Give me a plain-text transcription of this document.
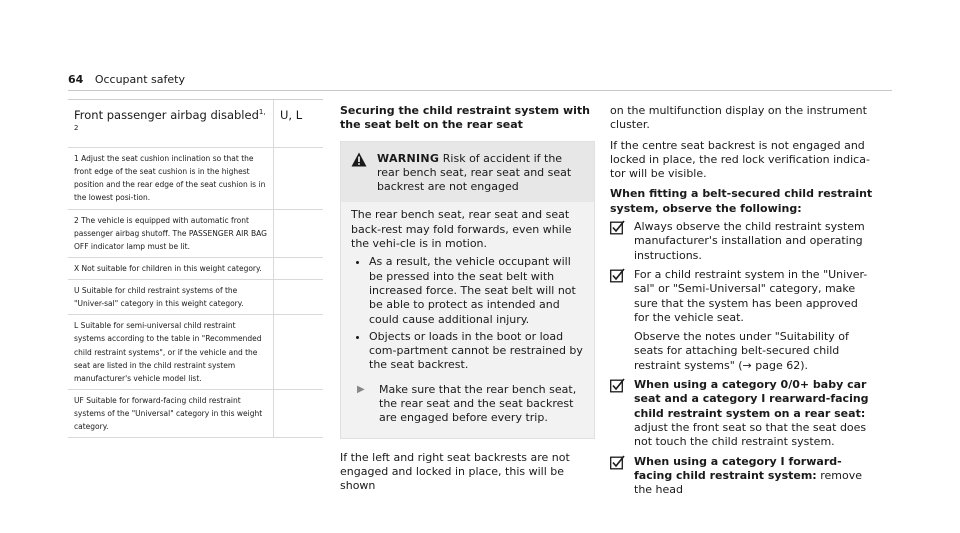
64 Occupant safety
Front passenger airbag disabled$^{1, 2}$
U, L
1 Adjust the seat cushion inclination so that the front edge of the seat cushion is in the highest position and the rear edge of the seat cushion is in the lowest posi-tion.
2 The vehicle is equipped with automatic front passenger airbag shutoff. The PASSENGER AIR BAG OFF indicator lamp must be lit.
X Not suitable for children in this weight category.
U Suitable for child restraint systems of the "Univer-sal" category in this weight category.
L Suitable for semi-universal child restraint systems according to the table in "Recommended child restraint systems", or if the vehicle and the seat are listed in the child restraint system manufacturer's vehicle model list.
UF Suitable for forward-facing child restraint systems of the "Universal" category in this weight category.
Securing the child restraint system with the seat belt on the rear seat
WARNING Risk of accident if the rear bench seat, rear seat and seat backrest are not engaged

The rear bench seat, rear seat and seat back-rest may fold forwards, even while the vehi-cle is in motion.

• As a result, the vehicle occupant will be pressed into the seat belt with increased force. The seat belt will not be able to protect as intended and could cause additional injury.
• Objects or loads in the boot or load com-partment cannot be restrained by the seat backrest.
▶	Make sure that the rear bench seat, the rear seat and the seat backrest are engaged before every trip.
If the left and right seat backrests are not engaged and locked in place, this will be shown

on the multifunction display on the instrument cluster.

If the centre seat backrest is not engaged and locked in place, the red lock verification indica-tor will be visible.

When fitting a belt-secured child restraint system, observe the following:
Always observe the child restraint system manufacturer's installation and operating instructions.
For a child restraint system in the "Univer-sal" or "Semi-Universal" category, make sure that the system has been approved for the vehicle seat.
Observe the notes under "Suitability of seats for attaching belt-secured child restraint systems" (→ page 62).
When using a category 0/0+ baby car seat and a category I rearward-facing child restraint system on a rear seat: adjust the front seat so that the seat does not touch the child restraint system.
When using a category I forward-facing child restraint system: remove the head
